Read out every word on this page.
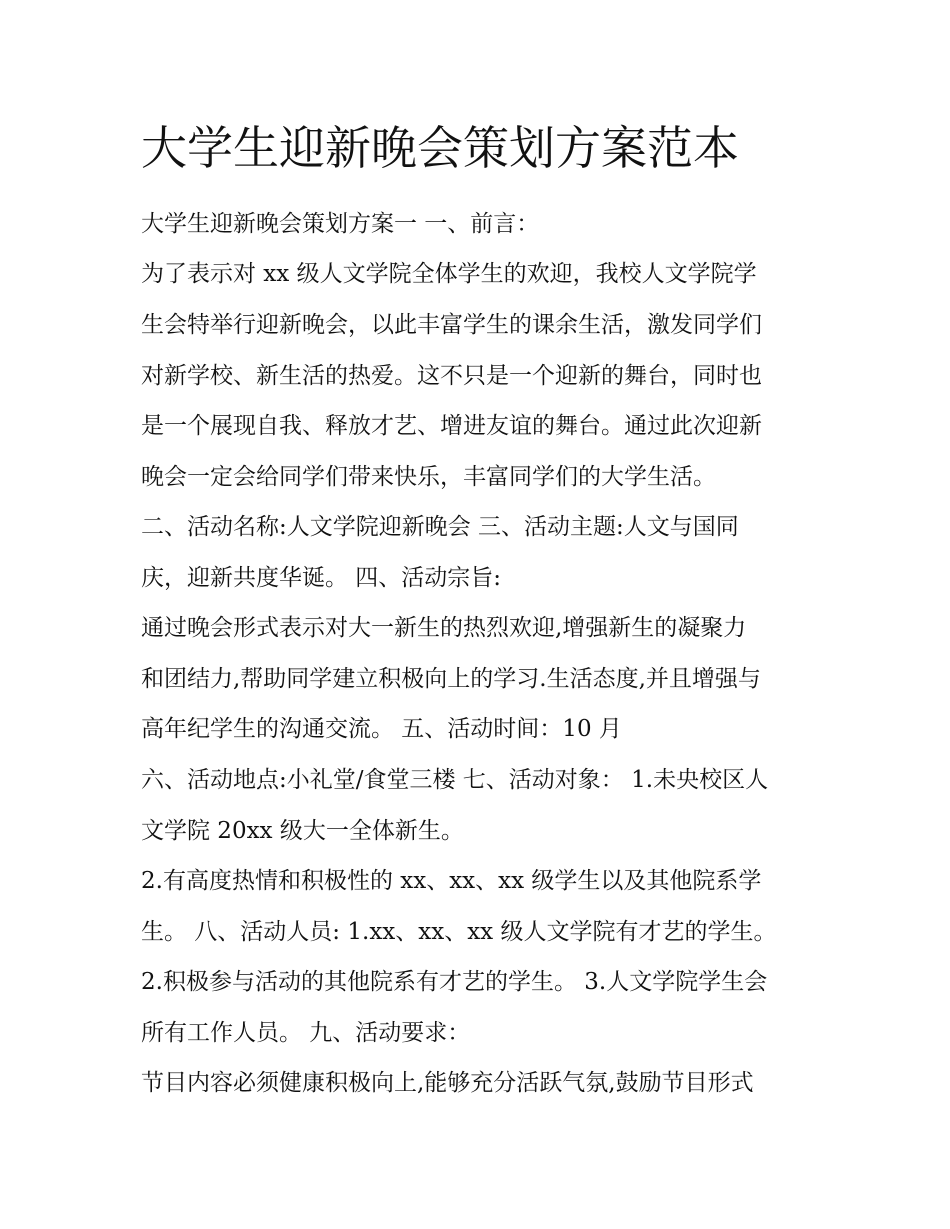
大学生迎新晚会策划方案范本

大学生迎新晚会策划方案一 一、前言：

为了表示对 xx 级人文学院全体学生的欢迎，我校人文学院学

生会特举行迎新晚会，以此丰富学生的课余生活，激发同学们

对新学校、新生活的热爱。这不只是一个迎新的舞台，同时也

是一个展现自我、释放才艺、增进友谊的舞台。通过此次迎新

晚会一定会给同学们带来快乐，丰富同学们的大学生活。

二、活动名称:人文学院迎新晚会 三、活动主题:人文与国同

庆，迎新共度华诞。 四、活动宗旨:

通过晚会形式表示对大一新生的热烈欢迎,增强新生的凝聚力

和团结力,帮助同学建立积极向上的学习.生活态度,并且增强与

高年纪学生的沟通交流。 五、活动时间：10 月

六、活动地点:小礼堂/食堂三楼 七、活动对象： 1.未央校区人

文学院 20xx 级大一全体新生。

2.有高度热情和积极性的 xx、xx、xx 级学生以及其他院系学

生。 八、活动人员: 1.xx、xx、xx 级人文学院有才艺的学生。

2.积极参与活动的其他院系有才艺的学生。 3.人文学院学生会

所有工作人员。 九、活动要求：

节目内容必须健康积极向上,能够充分活跃气氛,鼓励节目形式
